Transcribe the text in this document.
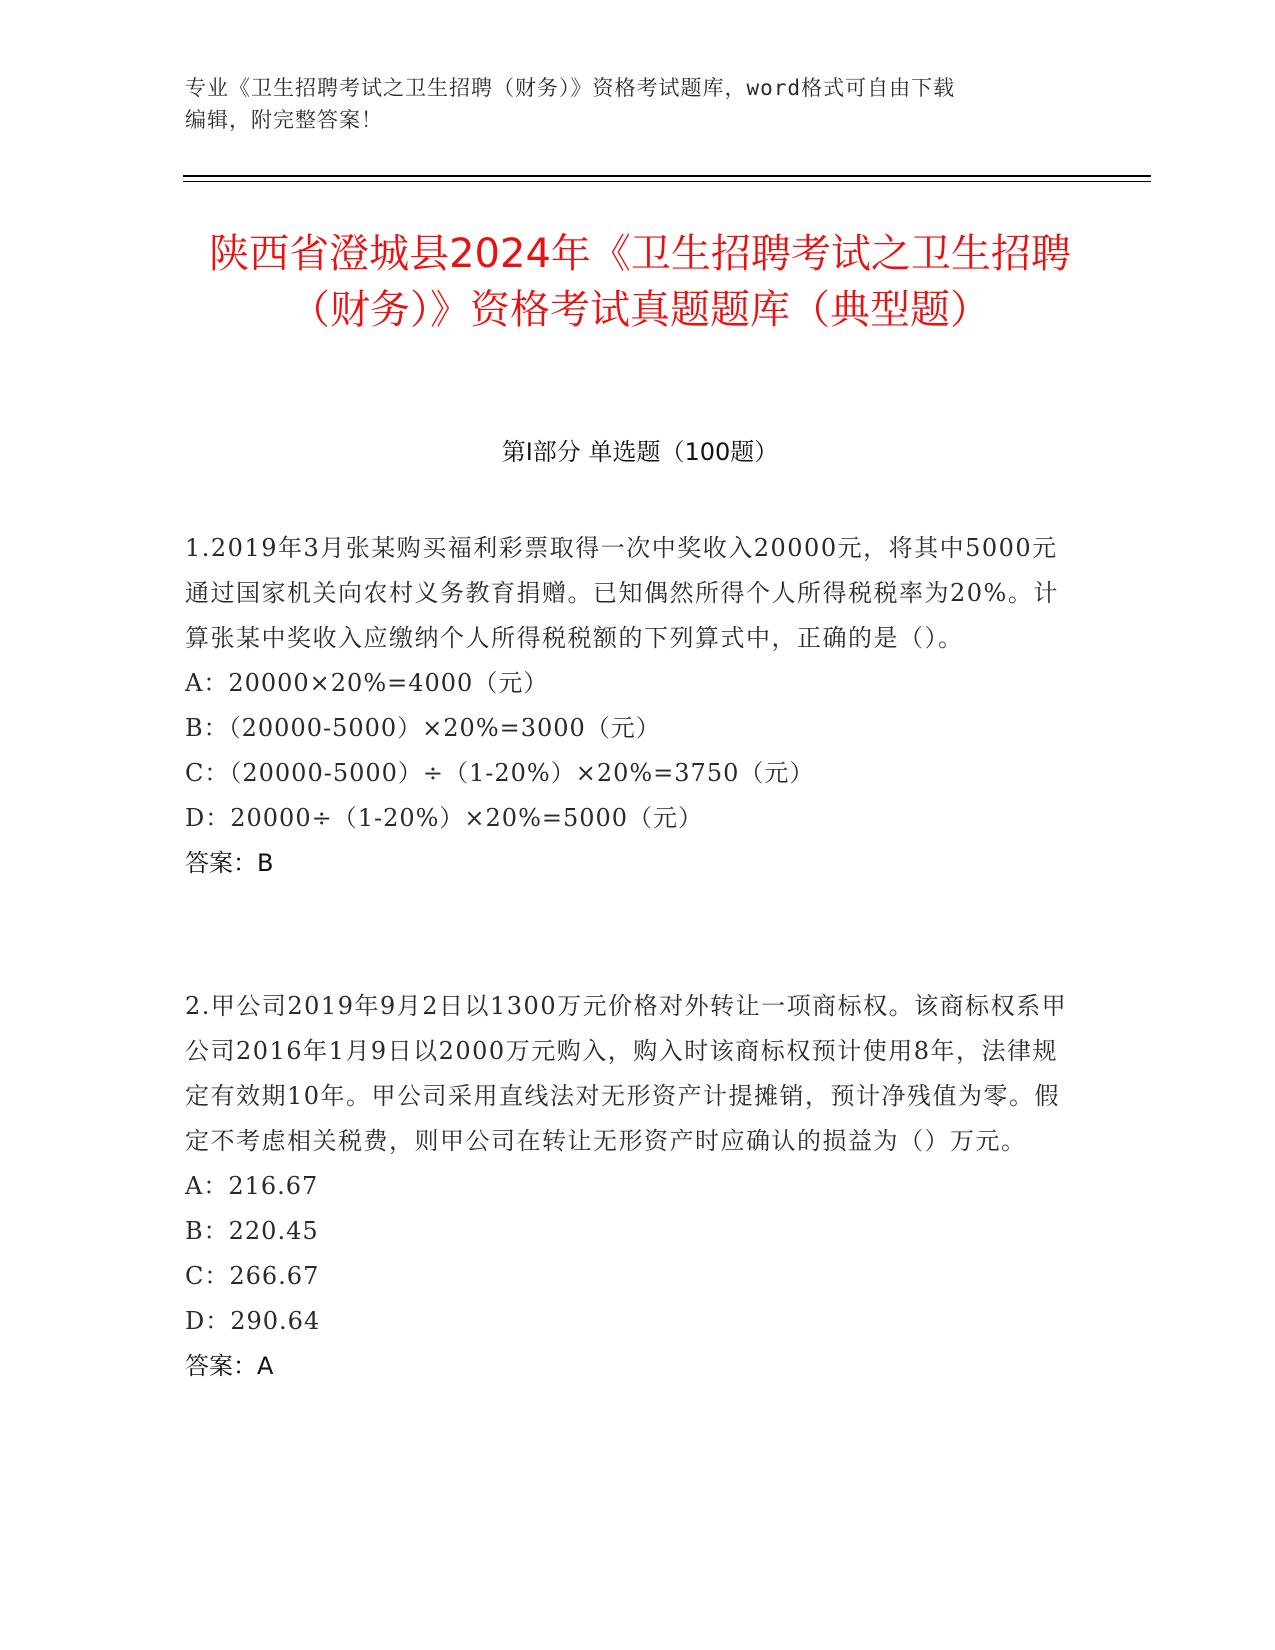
专业《卫生招聘考试之卫生招聘（财务）》资格考试题库，word格式可自由下载
编辑，附完整答案！
陕西省澄城县2024年《卫生招聘考试之卫生招聘（财务）》资格考试真题题库（典型题）
第I部分 单选题（100题）

1.2019年3月张某购买福利彩票取得一次中奖收入20000元，将其中5000元通过国家机关向农村义务教育捐赠。已知偶然所得个人所得税税率为20%。计算张某中奖收入应缴纳个人所得税税额的下列算式中，正确的是（）。

A：20000×20%=4000（元）

B：（20000-5000）×20%=3000（元）

C：（20000-5000）÷（1-20%）×20%=3750（元）

D：20000÷（1-20%）×20%=5000（元）

答案：B

2.甲公司2019年9月2日以1300万元价格对外转让一项商标权。该商标权系甲公司2016年1月9日以2000万元购入，购入时该商标权预计使用8年，法律规定有效期10年。甲公司采用直线法对无形资产计提摊销，预计净残值为零。假定不考虑相关税费，则甲公司在转让无形资产时应确认的损益为（）万元。

A：216.67

B：220.45

C：266.67

D：290.64

答案：A
